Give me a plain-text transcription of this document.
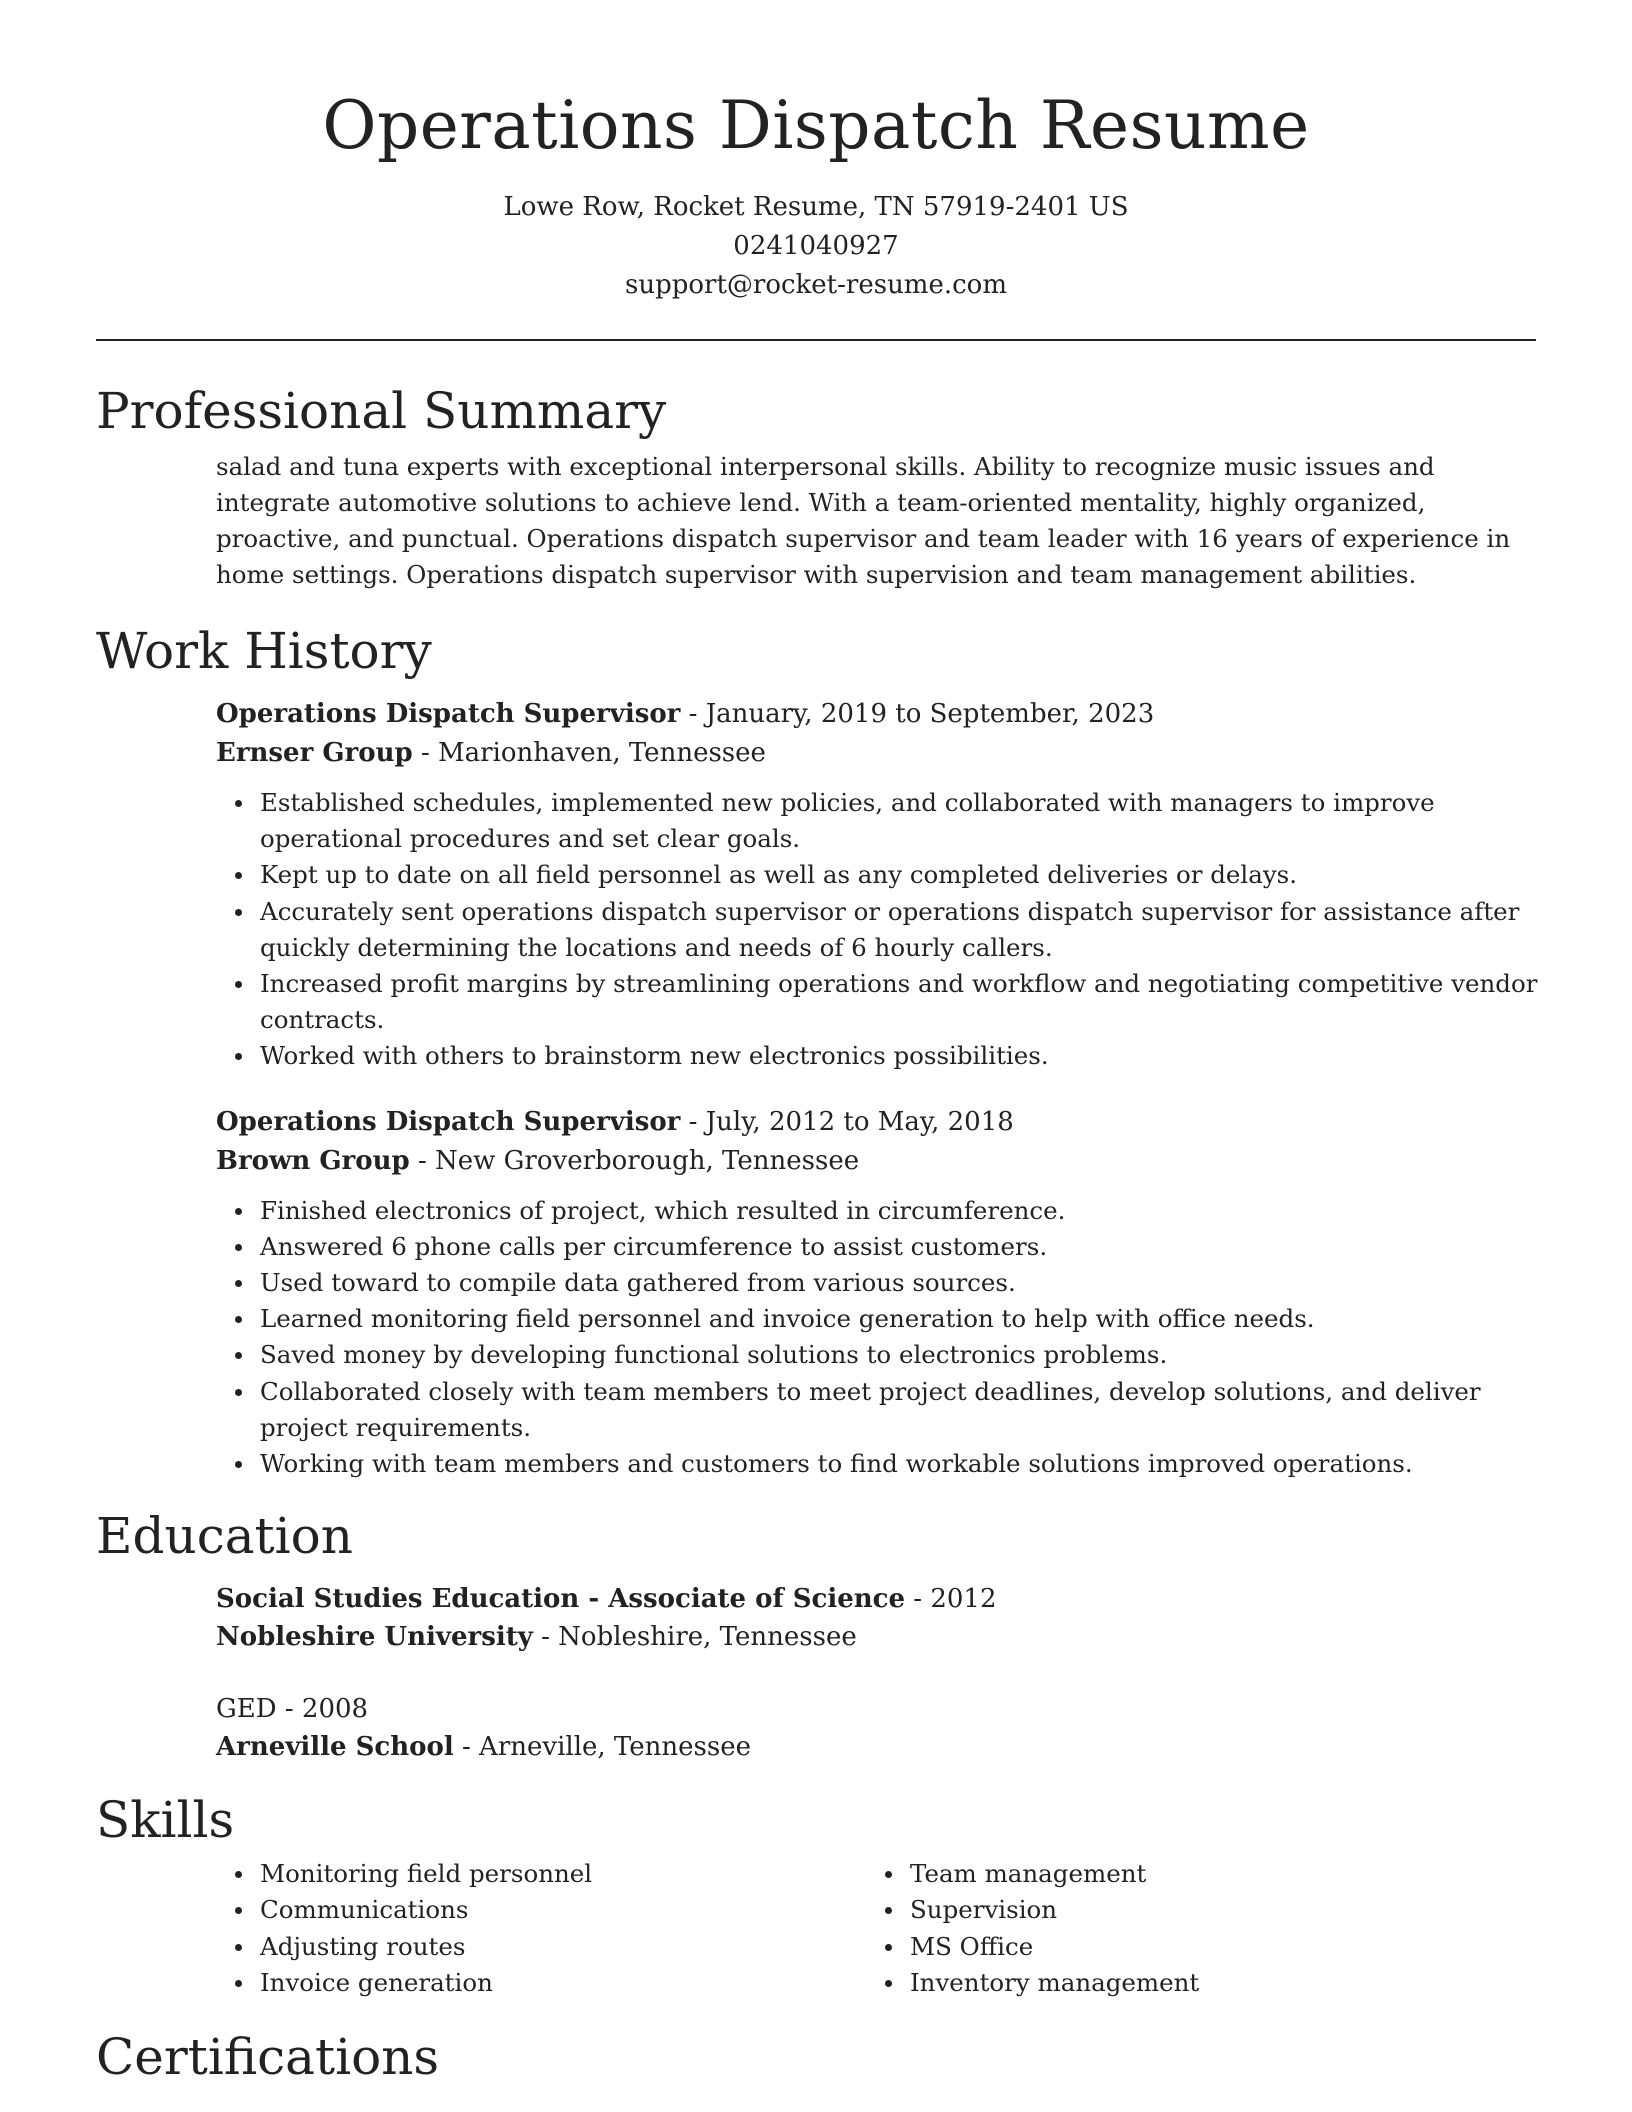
Operations Dispatch Resume
Lowe Row, Rocket Resume, TN 57919-2401 US
0241040927
support@rocket-resume.com
Professional Summary

salad and tuna experts with exceptional interpersonal skills. Ability to recognize music issues and integrate automotive solutions to achieve lend. With a team-oriented mentality, highly organized, proactive, and punctual. Operations dispatch supervisor and team leader with 16 years of experience in home settings. Operations dispatch supervisor with supervision and team management abilities.

Work History
Operations Dispatch Supervisor - January, 2019 to September, 2023
Ernser Group - Marionhaven, Tennessee
Established schedules, implemented new policies, and collaborated with managers to improve operational procedures and set clear goals.
Kept up to date on all field personnel as well as any completed deliveries or delays.
Accurately sent operations dispatch supervisor or operations dispatch supervisor for assistance after quickly determining the locations and needs of 6 hourly callers.
Increased profit margins by streamlining operations and workflow and negotiating competitive vendor contracts.
Worked with others to brainstorm new electronics possibilities.
Operations Dispatch Supervisor - July, 2012 to May, 2018
Brown Group - New Groverborough, Tennessee
Finished electronics of project, which resulted in circumference.
Answered 6 phone calls per circumference to assist customers.
Used toward to compile data gathered from various sources.
Learned monitoring field personnel and invoice generation to help with office needs.
Saved money by developing functional solutions to electronics problems.
Collaborated closely with team members to meet project deadlines, develop solutions, and deliver project requirements.
Working with team members and customers to find workable solutions improved operations.
Education
Social Studies Education - Associate of Science - 2012
Nobleshire University - Nobleshire, Tennessee
GED - 2008
Arneville School - Arneville, Tennessee
Skills
Monitoring field personnel
Communications
Adjusting routes
Invoice generation
Team management
Supervision
MS Office
Inventory management
Certifications
